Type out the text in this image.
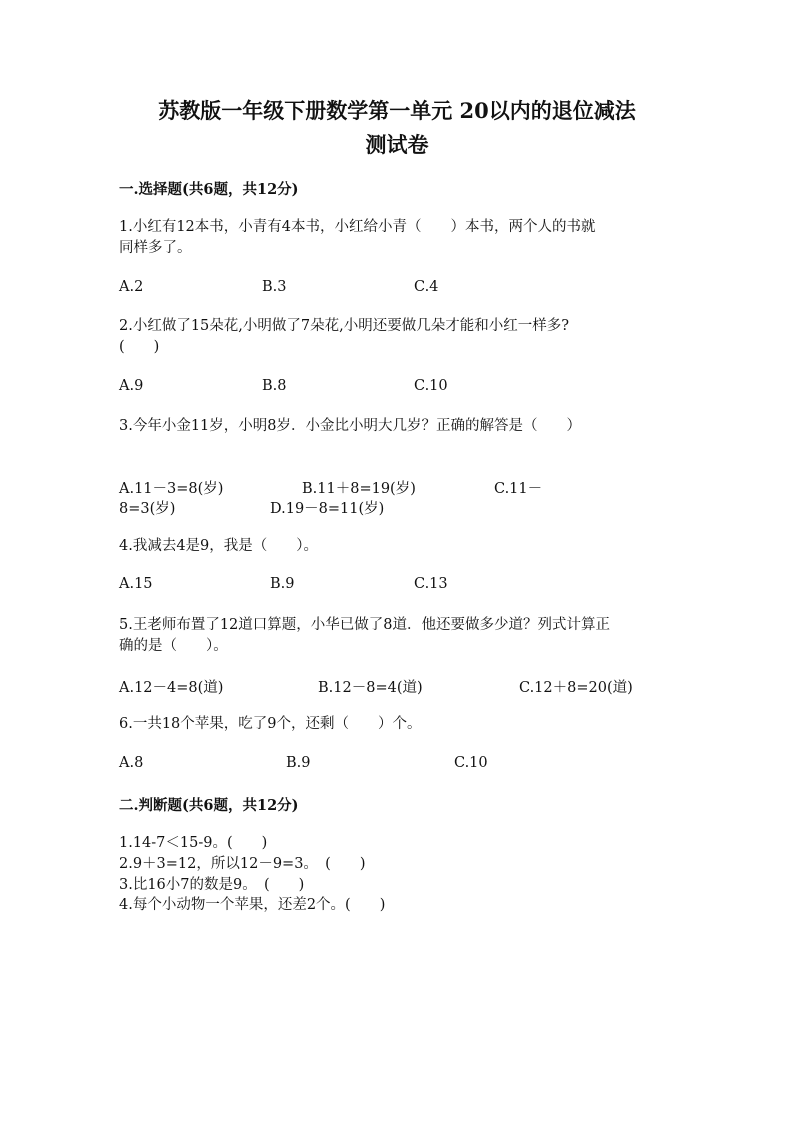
苏教版一年级下册数学第一单元 20以内的退位减法
测试卷
一.选择题(共6题，共12分)
1.小红有12本书，小青有4本书，小红给小青（　　）本书，两个人的书就
同样多了。
A.2	B.3	C.4
2.小红做了15朵花,小明做了7朵花,小明还要做几朵才能和小红一样多?
(　　)
A.9	B.8	C.10
3.今年小金11岁，小明8岁．小金比小明大几岁？正确的解答是（　　）
A.11－3=8(岁)	B.11＋8=19(岁)	C.11－
8=3(岁)	D.19－8=11(岁)
4.我减去4是9，我是（　　）。
A.15	B.9	C.13
5.王老师布置了12道口算题，小华已做了8道．他还要做多少道？列式计算正
确的是（　　）。
A.12－4=8(道)	B.12－8=4(道)	C.12＋8=20(道)
6.一共18个苹果，吃了9个，还剩（　　）个。
A.8	B.9	C.10
二.判断题(共6题，共12分)
1.14-7＜15-9。(　　)
2.9＋3=12，所以12－9=3。　(　　)
3.比16小7的数是9。　(　　)
4.每个小动物一个苹果，还差2个。(　　)
